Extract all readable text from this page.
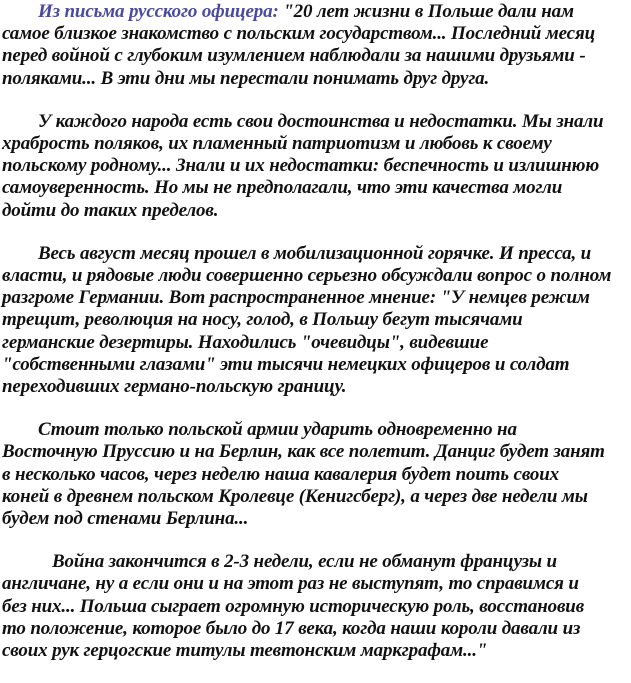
Из письма русского офицера: "20 лет жизни в Польше дали нам
самое близкое знакомство с польским государством... Последний месяц
перед войной с глубоким изумлением наблюдали за нашими друзьями -
поляками... В эти дни мы перестали понимать друг друга.
У каждого народа есть свои достоинства и недостатки. Мы знали
храбрость поляков, их пламенный патриотизм и любовь к своему
польскому родному... Знали и их недостатки: беспечность и излишнюю
самоуверенность. Но мы не предполагали, что эти качества могли
дойти до таких пределов.
Весь август месяц прошел в мобилизационной горячке. И пресса, и
власти, и рядовые люди совершенно серьезно обсуждали вопрос о полном
разгроме Германии. Вот распространенное мнение: "У немцев режим
трещит, революция на носу, голод, в Польшу бегут тысячами
германские дезертиры. Находились "очевидцы", видевшие
"собственными глазами" эти тысячи немецких офицеров и солдат
переходивших германо-польскую границу.
Стоит только польской армии ударить одновременно на
Восточную Пруссию и на Берлин, как все полетит. Данциг будет занят
в несколько часов, через неделю наша кавалерия будет поить своих
коней в древнем польском Кролевце (Кенигсберг), а через две недели мы
будем под стенами Берлина...
Война закончится в 2-3 недели, если не обманут французы и
англичане, ну а если они и на этот раз не выступят, то справимся и
без них... Польша сыграет огромную историческую роль, восстановив
то положение, которое было до 17 века, когда наши короли давали из
своих рук герцогские титулы тевтонским маркграфам..."
